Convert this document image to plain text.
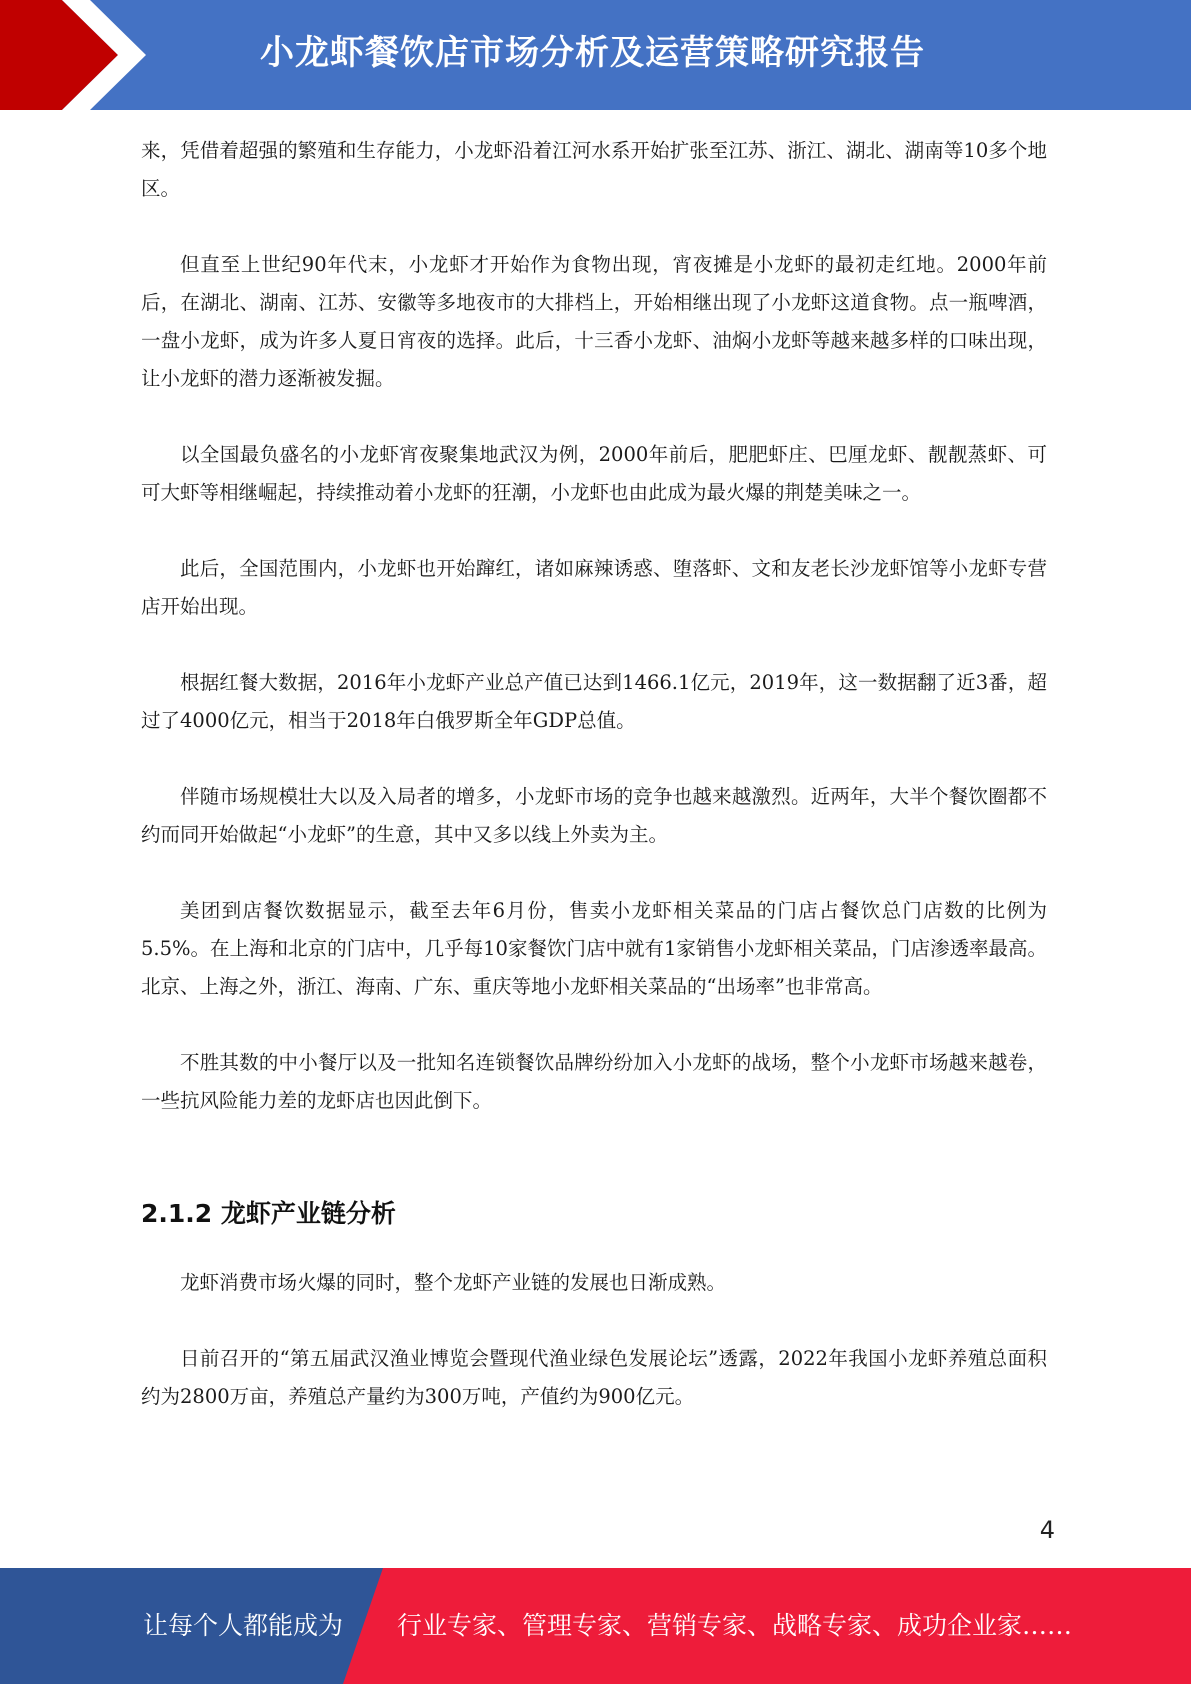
小龙虾餐饮店市场分析及运营策略研究报告

来，凭借着超强的繁殖和生存能力，小龙虾沿着江河水系开始扩张至江苏、浙江、湖北、湖南等10多个地区。

但直至上世纪90年代末，小龙虾才开始作为食物出现，宵夜摊是小龙虾的最初走红地。2000年前后，在湖北、湖南、江苏、安徽等多地夜市的大排档上，开始相继出现了小龙虾这道食物。点一瓶啤酒，一盘小龙虾，成为许多人夏日宵夜的选择。此后，十三香小龙虾、油焖小龙虾等越来越多样的口味出现，让小龙虾的潜力逐渐被发掘。

以全国最负盛名的小龙虾宵夜聚集地武汉为例，2000年前后，肥肥虾庄、巴厘龙虾、靓靓蒸虾、可可大虾等相继崛起，持续推动着小龙虾的狂潮，小龙虾也由此成为最火爆的荆楚美味之一。

此后，全国范围内，小龙虾也开始蹿红，诸如麻辣诱惑、堕落虾、文和友老长沙龙虾馆等小龙虾专营店开始出现。

根据红餐大数据，2016年小龙虾产业总产值已达到1466.1亿元，2019年，这一数据翻了近3番，超过了4000亿元，相当于2018年白俄罗斯全年GDP总值。

伴随市场规模壮大以及入局者的增多，小龙虾市场的竞争也越来越激烈。近两年，大半个餐饮圈都不约而同开始做起“小龙虾”的生意，其中又多以线上外卖为主。

美团到店餐饮数据显示，截至去年6月份，售卖小龙虾相关菜品的门店占餐饮总门店数的比例为5.5%。在上海和北京的门店中，几乎每10家餐饮门店中就有1家销售小龙虾相关菜品，门店渗透率最高。北京、上海之外，浙江、海南、广东、重庆等地小龙虾相关菜品的“出场率”也非常高。

不胜其数的中小餐厅以及一批知名连锁餐饮品牌纷纷加入小龙虾的战场，整个小龙虾市场越来越卷，一些抗风险能力差的龙虾店也因此倒下。

2.1.2 龙虾产业链分析

龙虾消费市场火爆的同时，整个龙虾产业链的发展也日渐成熟。

日前召开的“第五届武汉渔业博览会暨现代渔业绿色发展论坛”透露，2022年我国小龙虾养殖总面积约为2800万亩，养殖总产量约为300万吨，产值约为900亿元。

4
让每个人都能成为 行业专家、管理专家、营销专家、战略专家、成功企业家……
